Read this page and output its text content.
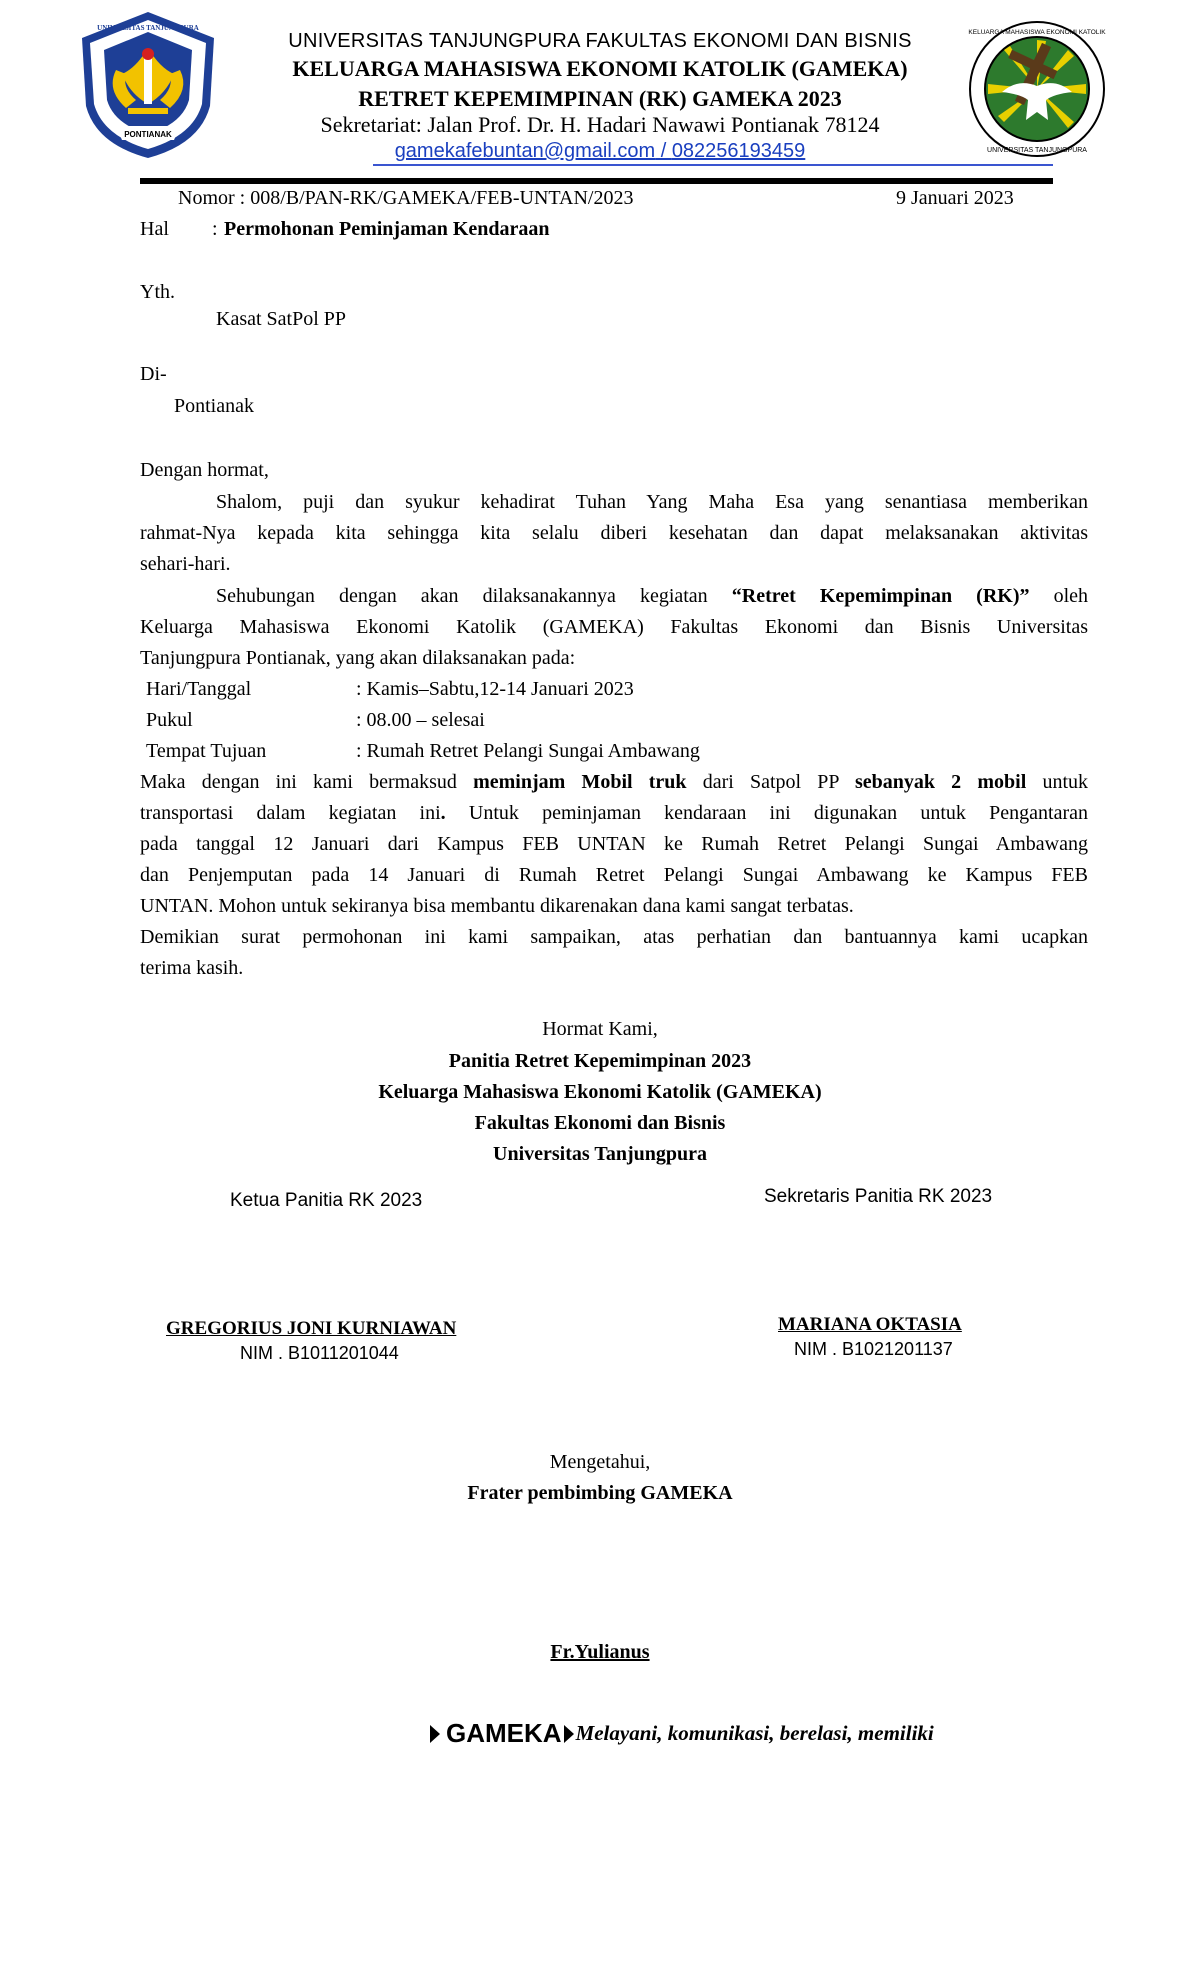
PONTIANAK
UNIVERSITAS TANJUNGPURA
KELUARGA MAHASISWA EKONOMI KATOLIK
UNIVERSITAS TANJUNGPURA
UNIVERSITAS TANJUNGPURA FAKULTAS EKONOMI DAN BISNIS
KELUARGA MAHASISWA EKONOMI KATOLIK (GAMEKA)
RETRET KEPEMIMPINAN (RK) GAMEKA 2023
Sekretariat: Jalan Prof. Dr. H. Hadari Nawawi Pontianak 78124
gamekafebuntan@gmail.com / 082256193459
Nomor : 008/B/PAN-RK/GAMEKA/FEB-UNTAN/2023	9 Januari 2023
Hal : Permohonan Peminjaman Kendaraan
Yth.
Kasat SatPol PP
Di-
Pontianak
Dengan hormat,
Shalom, puji dan syukur kehadirat Tuhan Yang Maha Esa yang senantiasa memberikan
rahmat-Nya kepada kita sehingga kita selalu diberi kesehatan dan dapat melaksanakan aktivitas
sehari-hari.
Sehubungan dengan akan dilaksanakannya kegiatan “Retret Kepemimpinan (RK)” oleh
Keluarga Mahasiswa Ekonomi Katolik (GAMEKA) Fakultas Ekonomi dan Bisnis Universitas
Tanjungpura Pontianak, yang akan dilaksanakan pada:
Hari/Tanggal	: Kamis–Sabtu,12-14 Januari 2023
Pukul	: 08.00 – selesai
Tempat Tujuan	: Rumah Retret Pelangi Sungai Ambawang
Maka dengan ini kami bermaksud meminjam Mobil truk dari Satpol PP sebanyak 2 mobil untuk
transportasi dalam kegiatan ini. Untuk peminjaman kendaraan ini digunakan untuk Pengantaran
pada tanggal 12 Januari dari Kampus FEB UNTAN ke Rumah Retret Pelangi Sungai Ambawang
dan Penjemputan pada 14 Januari di Rumah Retret Pelangi Sungai Ambawang ke Kampus FEB
UNTAN. Mohon untuk sekiranya bisa membantu dikarenakan dana kami sangat terbatas.
Demikian surat permohonan ini kami sampaikan, atas perhatian dan bantuannya kami ucapkan
terima kasih.
Hormat Kami,
Panitia Retret Kepemimpinan 2023
Keluarga Mahasiswa Ekonomi Katolik (GAMEKA)
Fakultas Ekonomi dan Bisnis
Universitas Tanjungpura
Ketua Panitia RK 2023	Sekretaris Panitia RK 2023
GREGORIUS JONI KURNIAWAN
NIM . B1011201044
MARIANA OKTASIA
NIM . B1021201137
Mengetahui,
Frater pembimbing GAMEKA
Fr.Yulianus
GAMEKA Melayani, komunikasi, berelasi, memiliki
